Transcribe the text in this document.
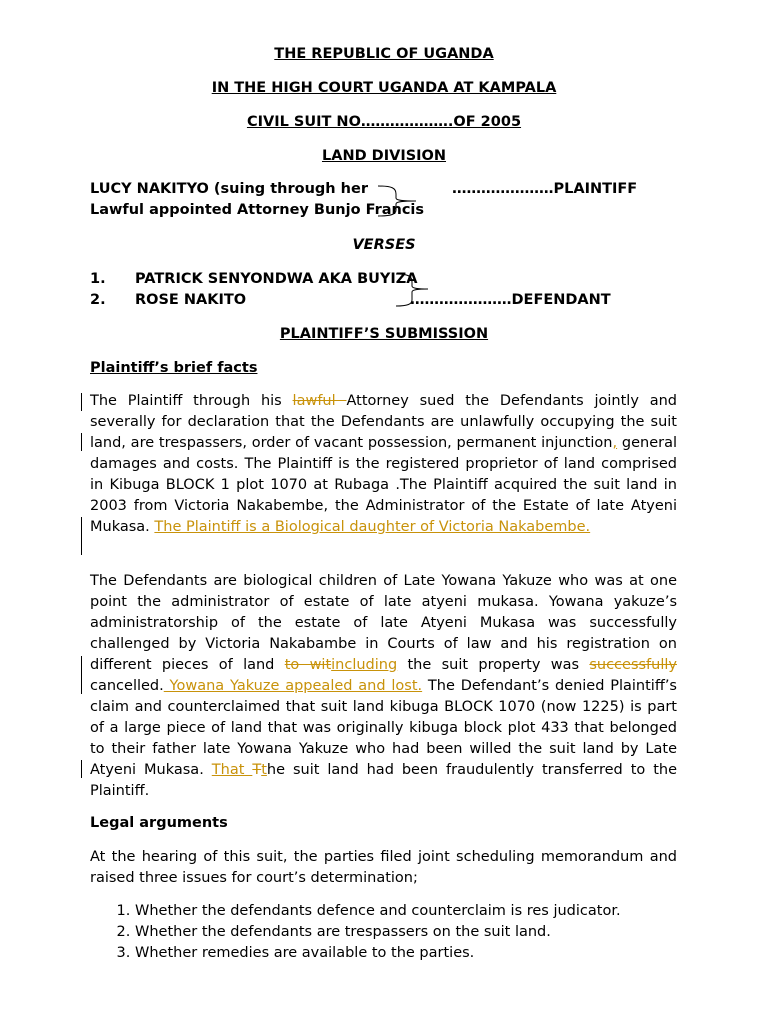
THE REPUBLIC OF UGANDA
IN THE HIGH COURT UGANDA AT KAMPALA
CIVIL SUIT NO……………….OF 2005
LAND DIVISION
LUCY NAKITYO (suing through her
Lawful appointed Attorney Bunjo Francis
…………………PLAINTIFF
VERSES
1. PATRICK SENYONDWA AKA BUYIZA
2. ROSE NAKITO	…………………DEFENDANT
PLAINTIFF’S SUBMISSION
Plaintiff’s brief facts
The Plaintiff through his lawful Attorney sued the Defendants jointly and severally for declaration that the Defendants are unlawfully occupying the suit land, are trespassers, order of vacant possession, permanent injunction, general damages and costs. The Plaintiff is the registered proprietor of land comprised in Kibuga BLOCK 1 plot 1070 at Rubaga .The Plaintiff acquired the suit land in 2003 from Victoria Nakabembe, the Administrator of the Estate of late Atyeni Mukasa. The Plaintiff is a Biological daughter of Victoria Nakabembe.
The Defendants are biological children of Late Yowana Yakuze who was at one point the administrator of estate of late atyeni mukasa. Yowana yakuze’s administratorship of the estate of late Atyeni Mukasa was successfully challenged by Victoria Nakabambe in Courts of law and his registration on different pieces of land to witincluding the suit property was successfully cancelled. Yowana Yakuze appealed and lost. The Defendant’s denied Plaintiff’s claim and counterclaimed that suit land kibuga BLOCK 1070 (now 1225) is part of a large piece of land that was originally kibuga block plot 433 that belonged to their father late Yowana Yakuze who had been willed the suit land by Late Atyeni Mukasa. That Tthe suit land had been fraudulently transferred to the Plaintiff.
Legal arguments
At the hearing of this suit, the parties filed joint scheduling memorandum and raised three issues for court’s determination;
1. Whether the defendants defence and counterclaim is res judicator.
2. Whether the defendants are trespassers on the suit land.
3. Whether remedies are available to the parties.
